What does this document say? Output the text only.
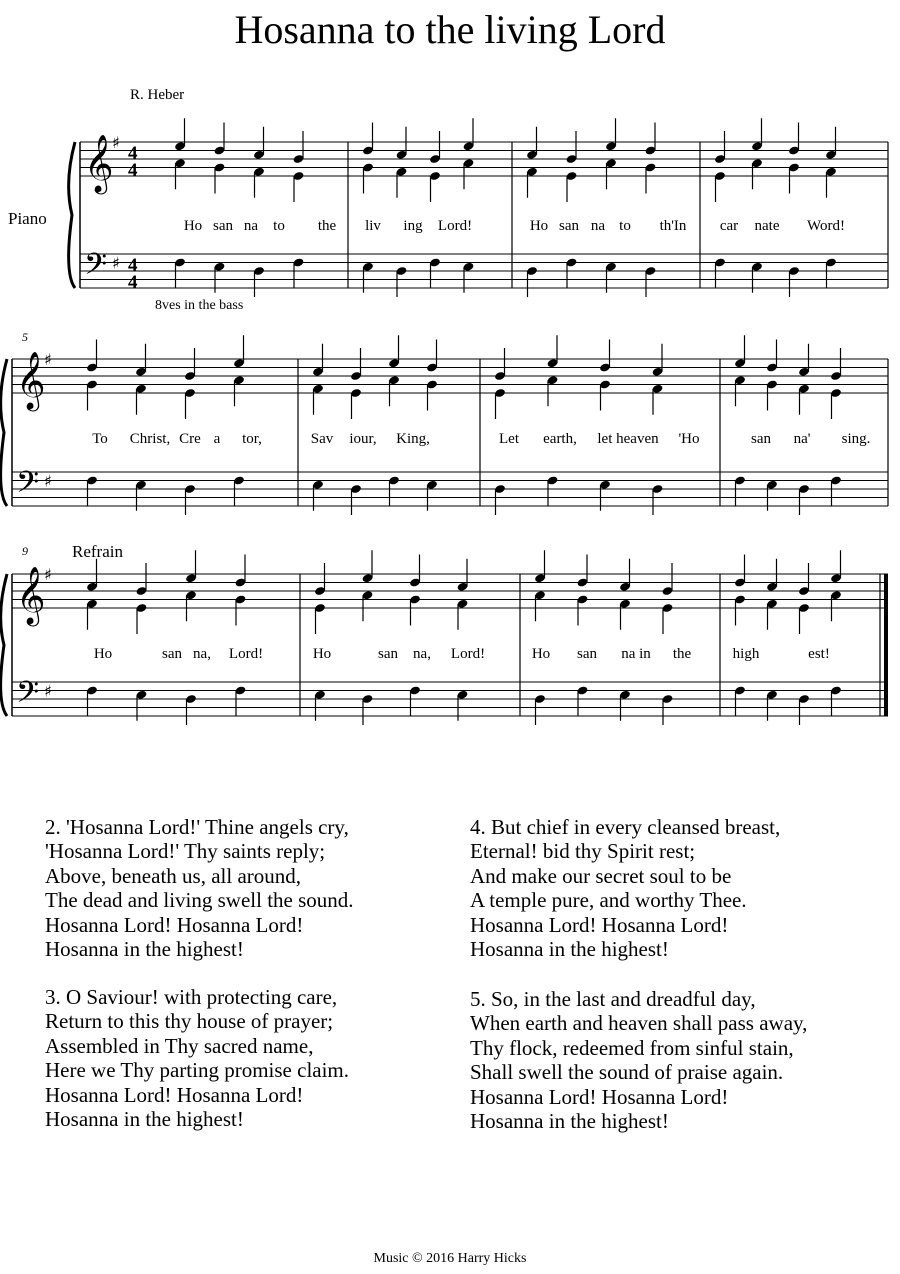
Hosanna to the living Lord
R. Heber
Piano
8ves in the bass
Refrain
5
9
𝄞
𝄢
♯
♯
4
4
4
4
𝄞
𝄢
♯
♯
𝄞
𝄢
♯
♯
Ho san na to the liv ing Lord!	Ho san na to th'In car nate Word!
To Christ, Cre a tor,	Sav iour, King,	Let earth, let heaven 'Ho	san na' sing.
Ho	san na, Lord!	Ho	san na, Lord!	Ho san na in the	high	est!
2. 'Hosanna Lord!' Thine angels cry,
'Hosanna Lord!' Thy saints reply;
Above, beneath us, all around,
The dead and living swell the sound.
Hosanna Lord! Hosanna Lord!
Hosanna in the highest!
3. O Saviour! with protecting care,
Return to this thy house of prayer;
Assembled in Thy sacred name,
Here we Thy parting promise claim.
Hosanna Lord! Hosanna Lord!
Hosanna in the highest!
4. But chief in every cleansed breast,
Eternal! bid thy Spirit rest;
And make our secret soul to be
A temple pure, and worthy Thee.
Hosanna Lord! Hosanna Lord!
Hosanna in the highest!
5. So, in the last and dreadful day,
When earth and heaven shall pass away,
Thy flock, redeemed from sinful stain,
Shall swell the sound of praise again.
Hosanna Lord! Hosanna Lord!
Hosanna in the highest!
Music © 2016 Harry Hicks
